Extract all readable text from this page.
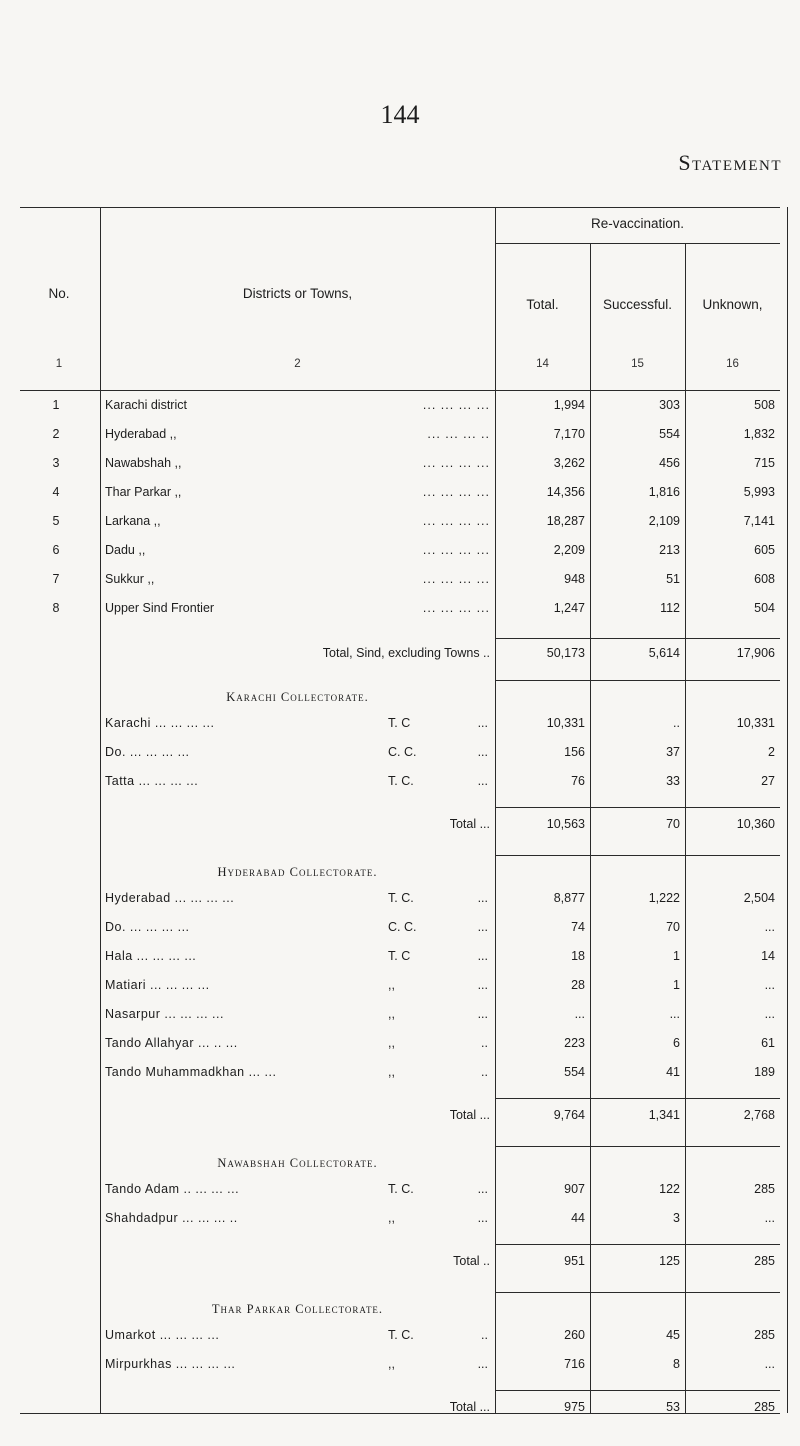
144
Statement
No.	Districts or Towns,
Re-vaccination.
Total.	Successful.	Unknown,
1	2	14	15	16
1	Karachi district	... ... ... ...	1,994	303	508
2	Hyderabad ,,	... ... ... ..	7,170	554	1,832
3	Nawabshah ,,	... ... ... ...	3,262	456	715
4	Thar Parkar ,,	... ... ... ...	14,356	1,816	5,993
5	Larkana ,,	... ... ... ...	18,287	2,109	7,141
6	Dadu ,,	... ... ... ...	2,209	213	605
7	Sukkur ,,	... ... ... ...	948	51	608
8	Upper Sind Frontier	... ... ... ...	1,247	112	504
Total, Sind, excluding Towns ..	50,173	5,614	17,906
Karachi Collectorate.
Karachi ... ... ... ...	T. C	...	10,331	..	10,331
Do. ... ... ... ...	C. C.	...	156	37	2
Tatta ... ... ... ...	T. C.	...	76	33	27
Total ...	10,563	70	10,360
Hyderabad Collectorate.
Hyderabad ... ... ... ...	T. C.	...	8,877	1,222	2,504
Do. ... ... ... ...	C. C.	...	74	70	...
Hala ... ... ... ...	T. C	...	18	1	14
Matiari ... ... ... ...	,,	...	28	1	...
Nasarpur ... ... ... ...	,,	...	...	...	...
Tando Allahyar ... .. ...	,,	..	223	6	61
Tando Muhammadkhan ... ...	,,	..	554	41	189
Total ...	9,764	1,341	2,768
Nawabshah Collectorate.
Tando Adam .. ... ... ...	T. C.	...	907	122	285
Shahdadpur ... ... ... ..	,,	...	44	3	...
Total ..	951	125	285
Thar Parkar Collectorate.
Umarkot ... ... ... ...	T. C.	..	260	45	285
Mirpurkhas ... ... ... ...	,,	...	716	8	...
Total ...	975	53	285
